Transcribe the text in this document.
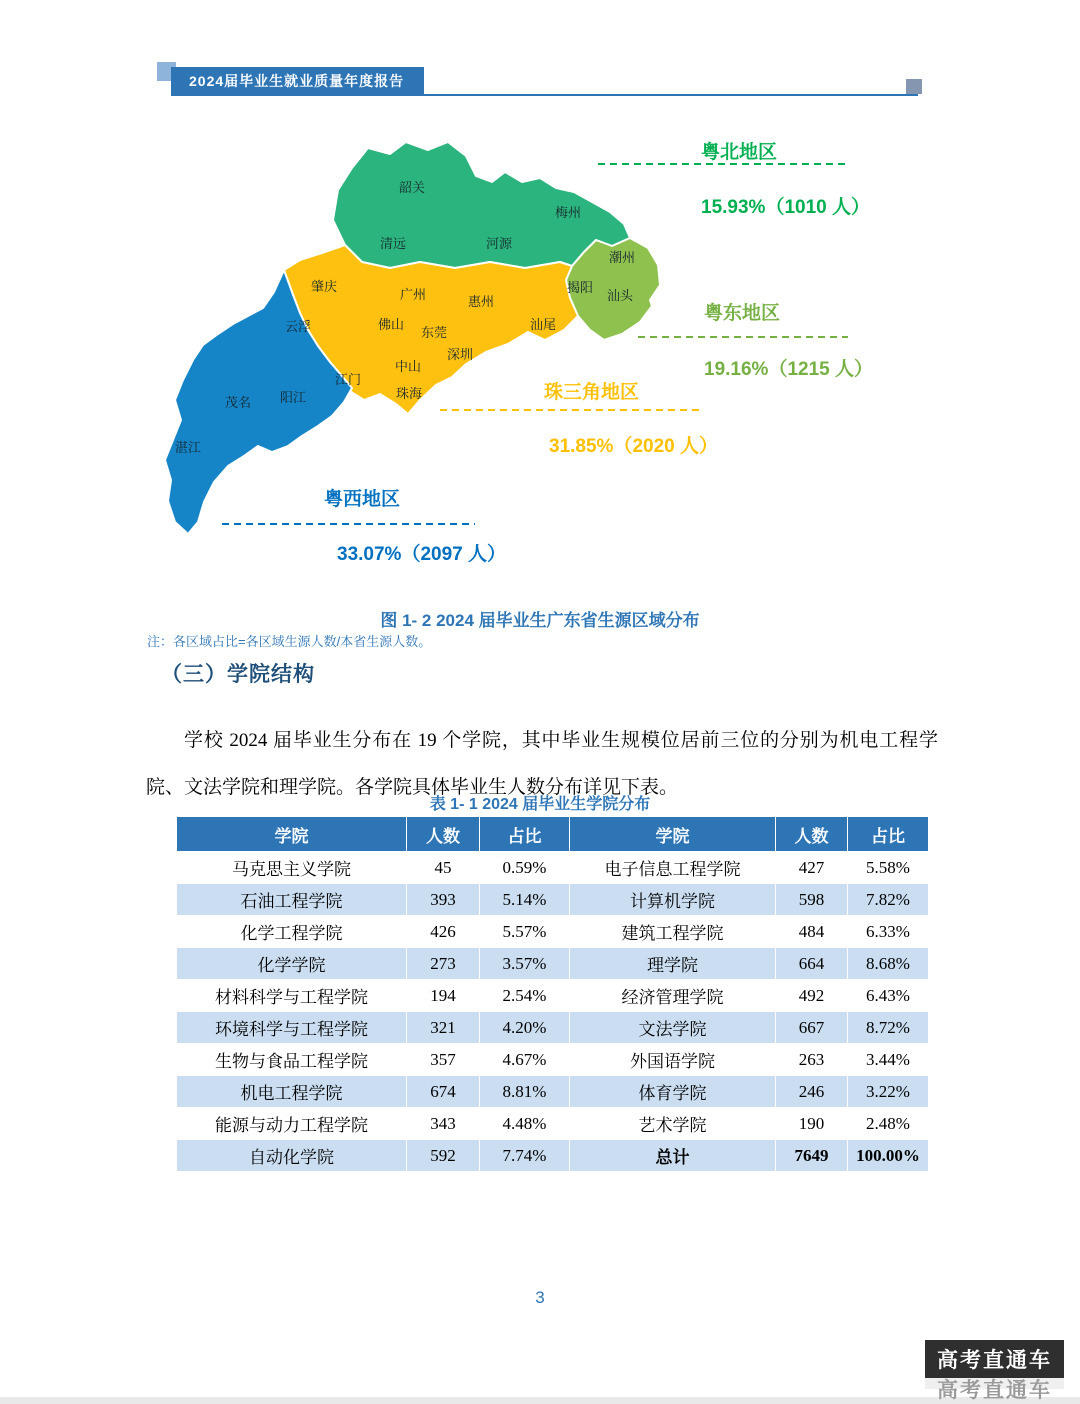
2024届毕业生就业质量年度报告
韶关
梅州
清远	河源
潮州
肇庆
广州	惠州
揭阳
汕头
佛山
东莞
汕尾
云浮
深圳
中山
江门
珠海
茂名 阳江
湛江
粤北地区
15.93%（1010 人）
粤东地区
19.16%（1215 人）
珠三角地区
31.85%（2020 人）
粤西地区
33.07%（2097 人）
图 1- 2 2024 届毕业生广东省生源区域分布
注：各区域占比=各区域生源人数/本省生源人数。
（三）学院结构

学校 2024 届毕业生分布在 19 个学院，其中毕业生规模位居前三位的分别为机电工程学院、文法学院和理学院。各学院具体毕业生人数分布详见下表。

表 1- 1 2024 届毕业生学院分布
学院	人数	占比	学院	人数	占比
马克思主义学院	45	0.59%	电子信息工程学院	427	5.58%
石油工程学院	393	5.14%	计算机学院	598	7.82%
化学工程学院	426	5.57%	建筑工程学院	484	6.33%
化学学院	273	3.57%	理学院	664	8.68%
材料科学与工程学院	194	2.54%	经济管理学院	492	6.43%
环境科学与工程学院	321	4.20%	文法学院	667	8.72%
生物与食品工程学院	357	4.67%	外国语学院	263	3.44%
机电工程学院	674	8.81%	体育学院	246	3.22%
能源与动力工程学院	343	4.48%	艺术学院	190	2.48%
自动化学院	592	7.74%	总计	7649	100.00%
3
高考直通车
高考直通车
